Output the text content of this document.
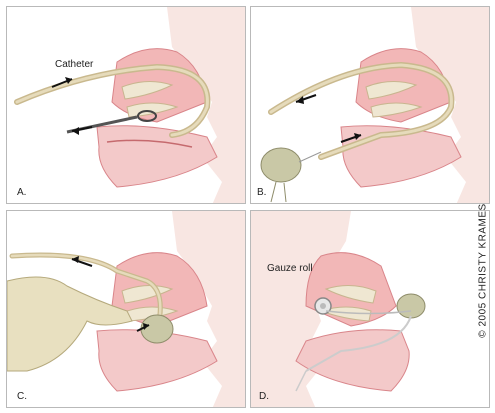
Catheter
A.	B.
C.
Gauze roll
D.
© 2005 CHRISTY KRAMES
